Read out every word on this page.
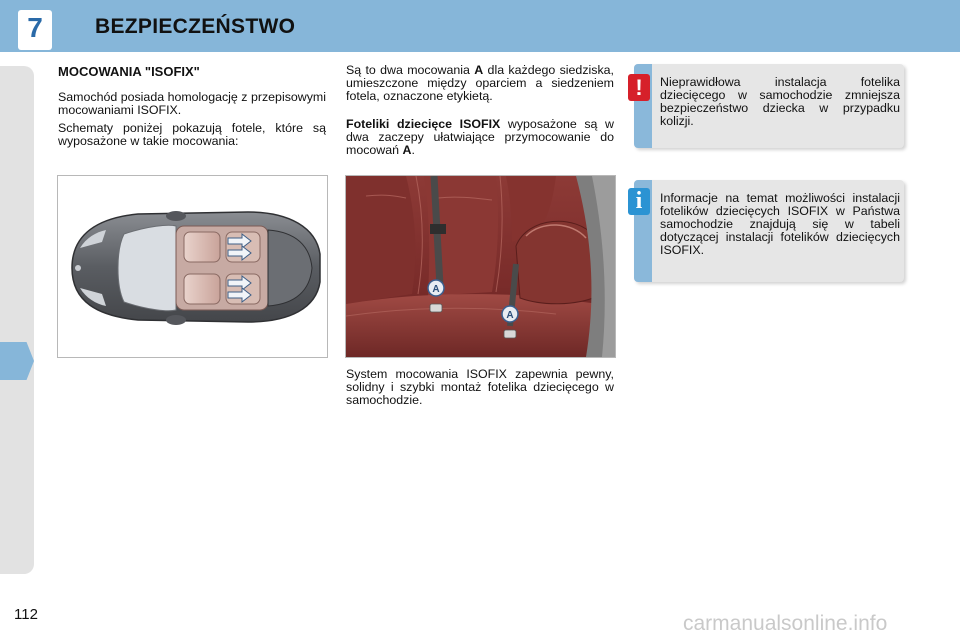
7	BEZPIECZEŃSTWO
MOCOWANIA "ISOFIX"

Samochód posiada homologację z przepisowymi mocowaniami ISOFIX.

Schematy poniżej pokazują fotele, które są wyposażone w takie mocowania:

Są to dwa mocowania A dla każdego siedziska, umieszczone między oparciem a siedzeniem fotela, oznaczone etykietą.

Foteliki dziecięce ISOFIX wyposażone są w dwa zaczepy ułatwiające przymocowanie do mocowań A.

A
A

System mocowania ISOFIX zapewnia pewny, solidny i szybki montaż fotelika dziecięcego w samochodzie.

Nieprawidłowa instalacja fotelika dziecięcego w samochodzie zmniejsza bezpieczeństwo dziecka w przypadku kolizji.

!

Informacje na temat możliwości instalacji fotelików dziecięcych ISOFIX w Państwa samochodzie znajdują się w tabeli dotyczącej instalacji fotelików dziecięcych ISOFIX.

i
112	carmanualsonline.info
